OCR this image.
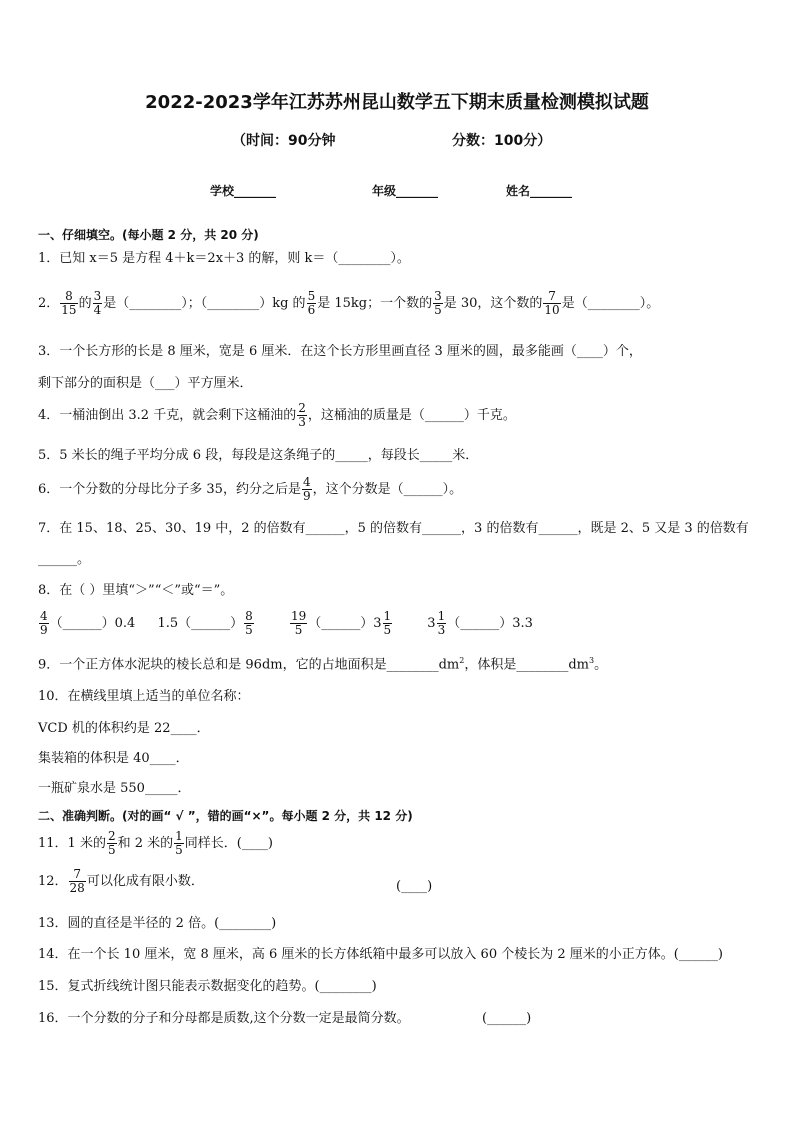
2022-2023学年江苏苏州昆山数学五下期末质量检测模拟试题
（时间：90分钟	分数：100分）
学校_______	年级_______	姓名_______
一、仔细填空。(每小题 2 分，共 20 分)
1．已知 x＝5 是方程 4＋k＝2x＋3 的解，则 k＝（________）。
2． $\frac{8}{15}$ 的 $\frac{3}{4}$ 是（________）；（________）kg 的 $\frac{5}{6}$ 是 15kg；一个数的 $\frac{3}{5}$ 是 30，这个数的 $\frac{7}{10}$ 是（________）。
3．一个长方形的长是 8 厘米，宽是 6 厘米．在这个长方形里画直径 3 厘米的圆，最多能画（____）个，
剩下部分的面积是（___）平方厘米．
4．一桶油倒出 3.2 千克，就会剩下这桶油的 $\frac{2}{3}$ ，这桶油的质量是（______）千克。
5．5 米长的绳子平均分成 6 段，每段是这条绳子的_____，每段长_____米．
6．一个分数的分母比分子多 35，约分之后是 $\frac{4}{9}$ ，这个分数是（______）。
7．在 15、18、25、30、19 中，2 的倍数有______，5 的倍数有______，3 的倍数有______，既是 2、5 又是 3 的倍数有
______。
8．在（ ）里填“＞”“＜”或“＝”。
$\frac{4}{9}$ （______）0.4 1.5（______） $\frac{8}{5}$
	$\frac{19}{5}$ （______）3 $\frac{1}{5}$	$3 \frac{1}{3}$ （______）3.3
9．一个正方体水泥块的棱长总和是 96dm，它的占地面积是$\_\_\_\_\_\_\_\_dm^2$，体积是$\_\_\_\_\_\_\_\_dm^3$。
10．在横线里填上适当的单位名称：
VCD 机的体积约是 22____．
集装箱的体积是 40____．
一瓶矿泉水是 550_____．
二、准确判断。(对的画“ √ ”，错的画“×”。每小题 2 分，共 12 分)
11．1 米的 $\frac{2}{5}$ 和 2 米的 $\frac{1}{5}$ 同样长．(____)
12． $\frac{7}{28}$ 可以化成有限小数．	(____)
13．圆的直径是半径的 2 倍。(________)
14．在一个长 10 厘米，宽 8 厘米，高 6 厘米的长方体纸箱中最多可以放入 60 个棱长为 2 厘米的小正方体。(______)
15．复式折线统计图只能表示数据变化的趋势。(________)
16．一个分数的分子和分母都是质数,这个分数一定是最简分数。	(______)
